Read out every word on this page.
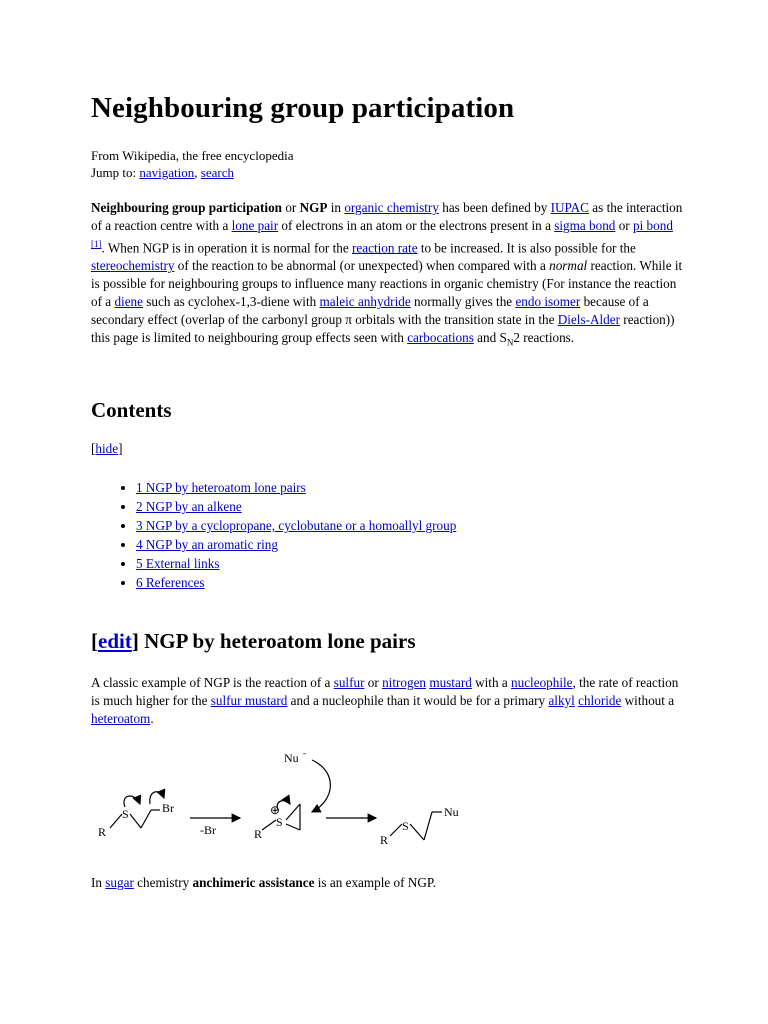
Neighbouring group participation
From Wikipedia, the free encyclopedia
Jump to: navigation, search
Neighbouring group participation or NGP in organic chemistry has been defined by IUPAC as the interaction of a reaction centre with a lone pair of electrons in an atom or the electrons present in a sigma bond or pi bond [1]. When NGP is in operation it is normal for the reaction rate to be increased. It is also possible for the stereochemistry of the reaction to be abnormal (or unexpected) when compared with a normal reaction. While it is possible for neighbouring groups to influence many reactions in organic chemistry (For instance the reaction of a diene such as cyclohex-1,3-diene with maleic anhydride normally gives the endo isomer because of a secondary effect (overlap of the carbonyl group π orbitals with the transition state in the Diels-Alder reaction)) this page is limited to neighbouring group effects seen with carbocations and $S_N2$ reactions.
Contents
[hide]
• 1 NGP by heteroatom lone pairs
• 2 NGP by an alkene
• 3 NGP by a cyclopropane, cyclobutane or a homoallyl group
• 4 NGP by an aromatic ring
• 5 External links
• 6 References
[edit] NGP by heteroatom lone pairs
A classic example of NGP is the reaction of a sulfur or nitrogen mustard with a nucleophile, the rate of reaction is much higher for the sulfur mustard and a nucleophile than it would be for a primary alkyl chloride without a heteroatom.
R
S	Br
-Br	R
S
⊕
Nu -
R
S
Nu
In sugar chemistry anchimeric assistance is an example of NGP.
